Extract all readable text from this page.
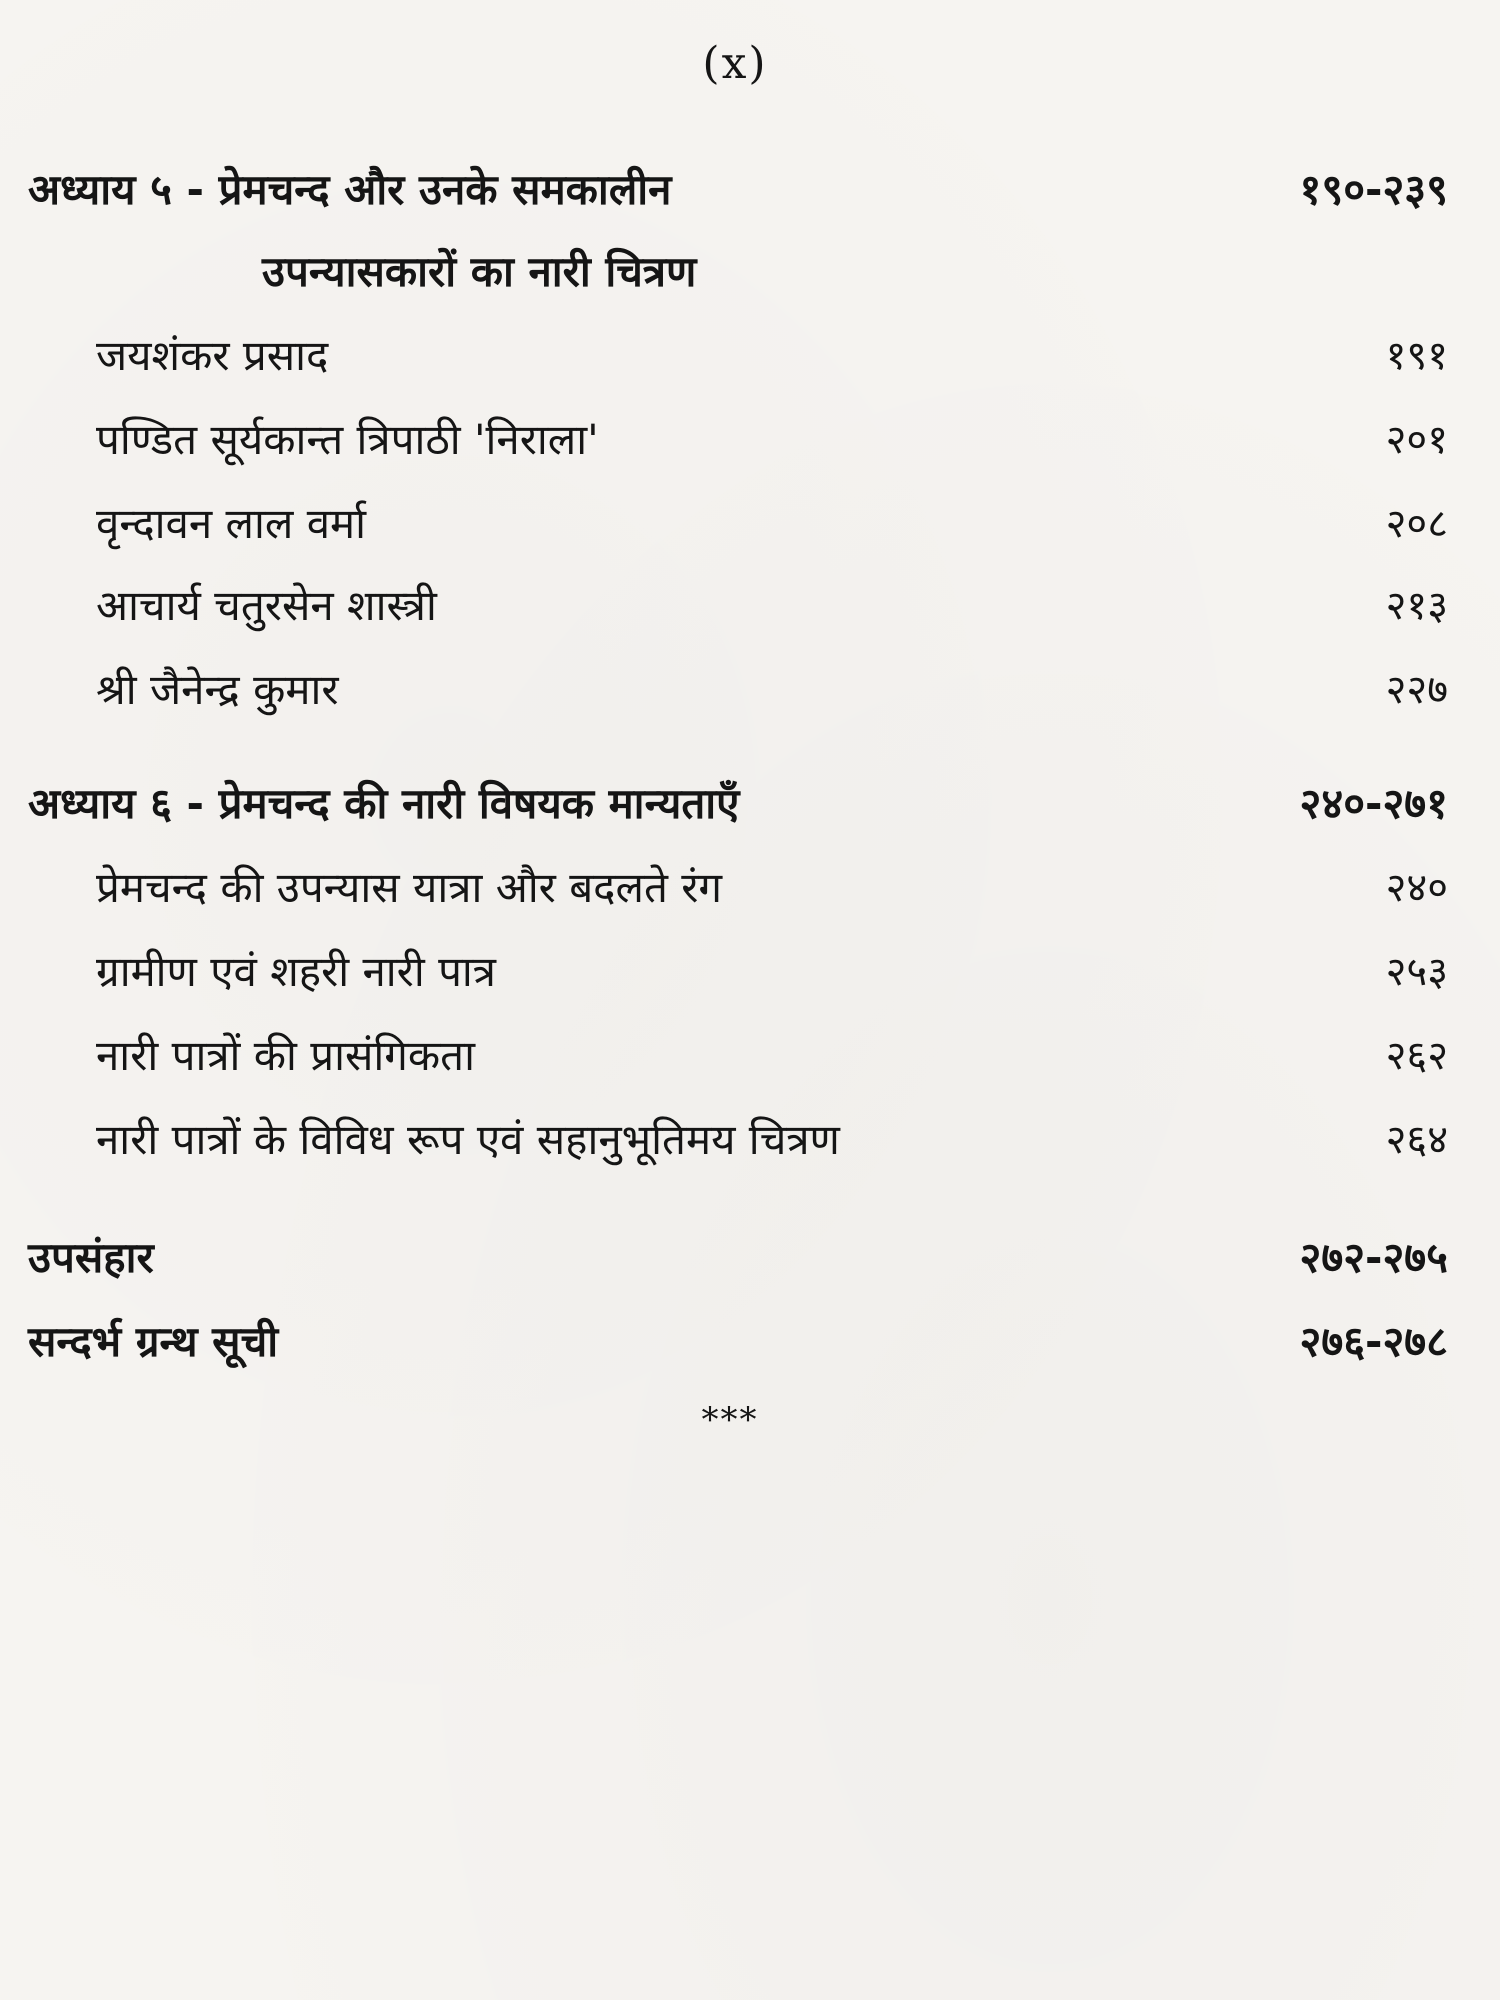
(x)
अध्याय ५ - प्रेमचन्द और उनके समकालीन	१९०-२३९
उपन्यासकारों का नारी चित्रण
जयशंकर प्रसाद	१९१
पण्डित सूर्यकान्त त्रिपाठी 'निराला'	२०१
वृन्दावन लाल वर्मा	२०८
आचार्य चतुरसेन शास्त्री	२१३
श्री जैनेन्द्र कुमार	२२७
अध्याय ६ - प्रेमचन्द की नारी विषयक मान्यताएँ	२४०-२७१
प्रेमचन्द की उपन्यास यात्रा और बदलते रंग	२४०
ग्रामीण एवं शहरी नारी पात्र	२५३
नारी पात्रों की प्रासंगिकता	२६२
नारी पात्रों के विविध रूप एवं सहानुभूतिमय चित्रण	२६४
उपसंहार	२७२-२७५
सन्दर्भ ग्रन्थ सूची	२७६-२७८
***
